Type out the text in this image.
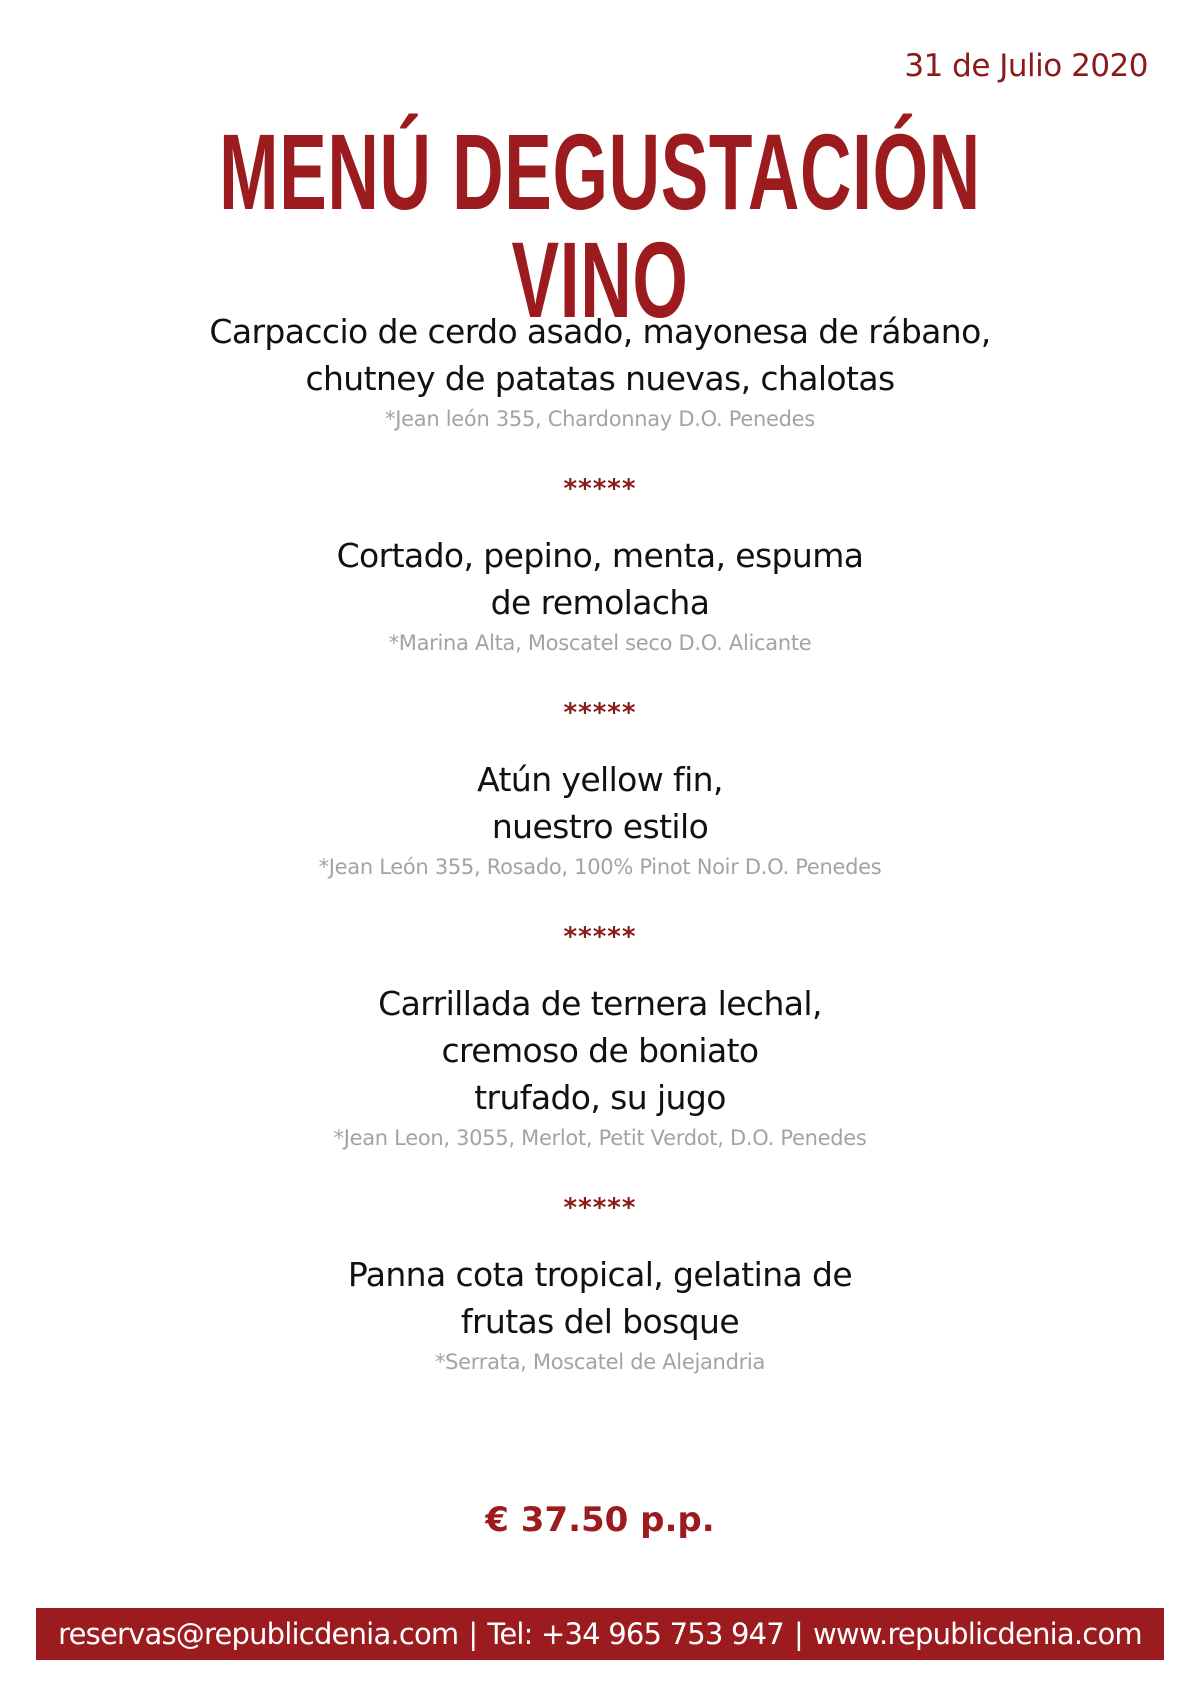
31 de Julio 2020
MENÚ DEGUSTACIÓN VINO
Carpaccio de cerdo asado, mayonesa de rábano,
chutney de patatas nuevas, chalotas
*Jean león 355, Chardonnay D.O. Penedes
*****
Cortado, pepino, menta, espuma
de remolacha
*Marina Alta, Moscatel seco D.O. Alicante
*****
Atún yellow fin,
nuestro estilo
*Jean León 355, Rosado, 100% Pinot Noir D.O. Penedes
*****
Carrillada de ternera lechal,
cremoso de boniato
trufado, su jugo
*Jean Leon, 3055, Merlot, Petit Verdot, D.O. Penedes
*****
Panna cota tropical, gelatina de
frutas del bosque
*Serrata, Moscatel de Alejandria
€ 37.50 p.p.
reservas@republicdenia.com | Tel: +34 965 753 947 | www.republicdenia.com
